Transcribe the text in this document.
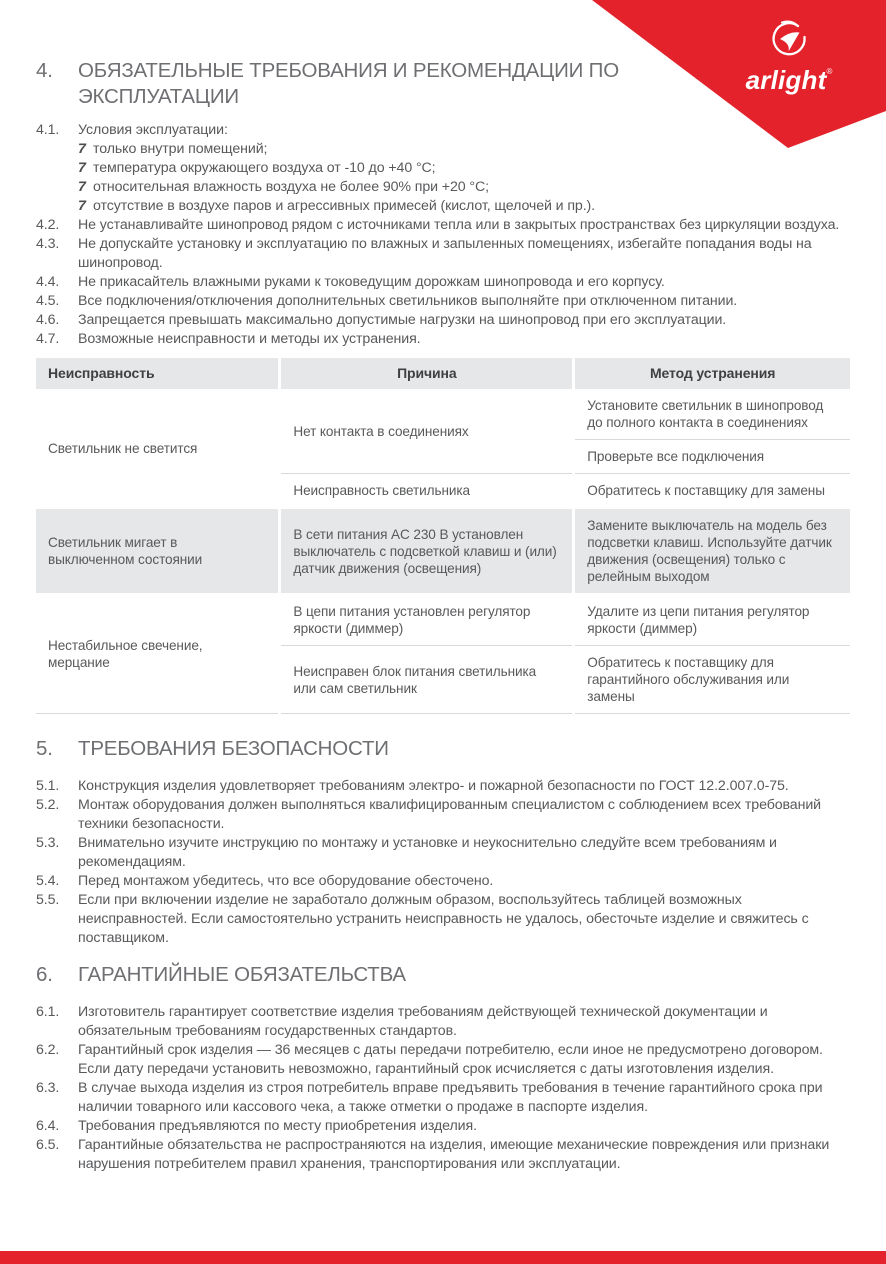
arlight®
4.	ОБЯЗАТЕЛЬНЫЕ ТРЕБОВАНИЯ И РЕКОМЕНДАЦИИ ПО ЭКСПЛУАТАЦИИ
4.1.	Условия эксплуатации:
7 только внутри помещений;
7 температура окружающего воздуха от -10 до +40 °С;
7 относительная влажность воздуха не более 90% при +20 °С;
7 отсутствие в воздухе паров и агрессивных примесей (кислот, щелочей и пр.).
4.2.	Не устанавливайте шинопровод рядом с источниками тепла или в закрытых пространствах без циркуляции воздуха.
4.3.	Не допускайте установку и эксплуатацию по влажных и запыленных помещениях, избегайте попадания воды на шинопровод.
4.4.	Не прикасайтель влажными руками к токоведущим дорожкам шинопровода и его корпусу.
4.5.	Все подключения/отключения дополнительных светильников выполняйте при отключенном питании.
4.6.	Запрещается превышать максимально допустимые нагрузки на шинопровод при его эксплуатации.
4.7.	Возможные неисправности и методы их устранения.
Неисправность	Причина	Метод устранения
Светильник не светится	Нет контакта в соединениях	Установите светильник в шинопровод до полного контакта в соединениях
		Проверьте все подключения
	Неисправность светильника	Обратитесь к поставщику для замены
Светильник мигает в выключенном состоянии	В сети питания AC 230 В установлен выключатель с подсветкой клавиш и (или) датчик движения (освещения)	Замените выключатель на модель без подсветки клавиш. Используйте датчик движения (освещения) только с релейным выходом
Нестабильное свечение, мерцание	В цепи питания установлен регулятор яркости (диммер)	Удалите из цепи питания регулятор яркости (диммер)
	Неисправен блок питания светильника или сам светильник	Обратитесь к поставщику для гарантийного обслуживания или замены
5.	ТРЕБОВАНИЯ БЕЗОПАСНОСТИ
5.1.	Конструкция изделия удовлетворяет требованиям электро- и пожарной безопасности по ГОСТ 12.2.007.0-75.
5.2.	Монтаж оборудования должен выполняться квалифицированным специалистом с соблюдением всех требований техники безопасности.
5.3.	Внимательно изучите инструкцию по монтажу и установке и неукоснительно следуйте всем требованиям и рекомендациям.
5.4.	Перед монтажом убедитесь, что все оборудование обесточено.
5.5.	Если при включении изделие не заработало должным образом, воспользуйтесь таблицей возможных неисправностей. Если самостоятельно устранить неисправность не удалось, обесточьте изделие и свяжитесь с поставщиком.
6.	ГАРАНТИЙНЫЕ ОБЯЗАТЕЛЬСТВА
6.1.	Изготовитель гарантирует соответствие изделия требованиям действующей технической документации и обязательным требованиям государственных стандартов.
6.2.	Гарантийный срок изделия — 36 месяцев с даты передачи потребителю, если иное не предусмотрено договором. Если дату передачи установить невозможно, гарантийный срок исчисляется с даты изготовления изделия.
6.3.	В случае выхода изделия из строя потребитель вправе предъявить требования в течение гарантийного срока при наличии товарного или кассового чека, а также отметки о продаже в паспорте изделия.
6.4.	Требования предъявляются по месту приобретения изделия.
6.5.	Гарантийные обязательства не распространяются на изделия, имеющие механические повреждения или признаки нарушения потребителем правил хранения, транспортирования или эксплуатации.
